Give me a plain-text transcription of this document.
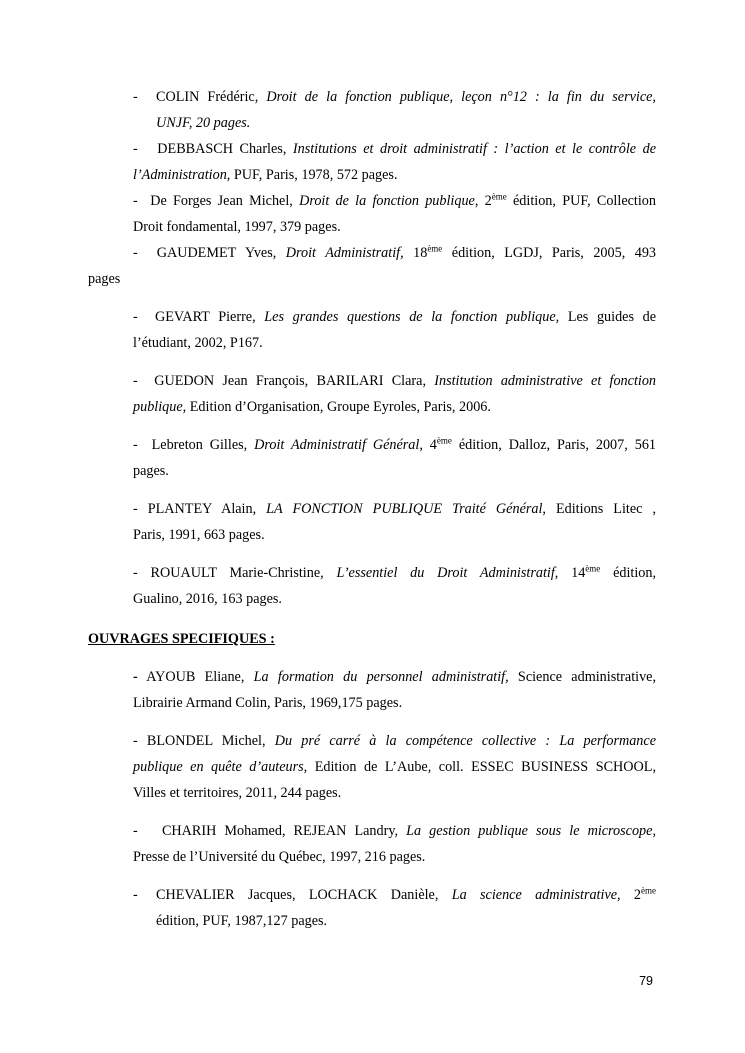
- COLIN Frédéric, Droit de la fonction publique, leçon n°12 : la fin du service,
UNJF, 20 pages.
- DEBBASCH Charles, Institutions et droit administratif : l’action et le contrôle de
l’Administration, PUF, Paris, 1978, 572 pages.
- De Forges Jean Michel, Droit de la fonction publique, 2ème édition, PUF, Collection
Droit fondamental, 1997, 379 pages.
- GAUDEMET Yves, Droit Administratif, 18ème édition, LGDJ, Paris, 2005, 493
pages
- GEVART Pierre, Les grandes questions de la fonction publique, Les guides de
l’étudiant, 2002, P167.
- GUEDON Jean François, BARILARI Clara, Institution administrative et fonction
publique, Edition d’Organisation, Groupe Eyroles, Paris, 2006.
- Lebreton Gilles, Droit Administratif Général, 4ème édition, Dalloz, Paris, 2007, 561
pages.
- PLANTEY Alain, LA FONCTION PUBLIQUE Traité Général, Editions Litec ,
Paris, 1991, 663 pages.
- ROUAULT Marie-Christine, L’essentiel du Droit Administratif, 14ème édition,
Gualino, 2016, 163 pages.
OUVRAGES SPECIFIQUES :
- AYOUB Eliane, La formation du personnel administratif, Science administrative,
Librairie Armand Colin, Paris, 1969,175 pages.
- BLONDEL Michel, Du pré carré à la compétence collective : La performance
publique en quête d’auteurs, Edition de L’Aube, coll. ESSEC BUSINESS SCHOOL,
Villes et territoires, 2011, 244 pages.
- CHARIH Mohamed, REJEAN Landry, La gestion publique sous le microscope,
Presse de l’Université du Québec, 1997, 216 pages.
- CHEVALIER Jacques, LOCHACK Danièle, La science administrative, 2ème
édition, PUF, 1987,127 pages.
79
